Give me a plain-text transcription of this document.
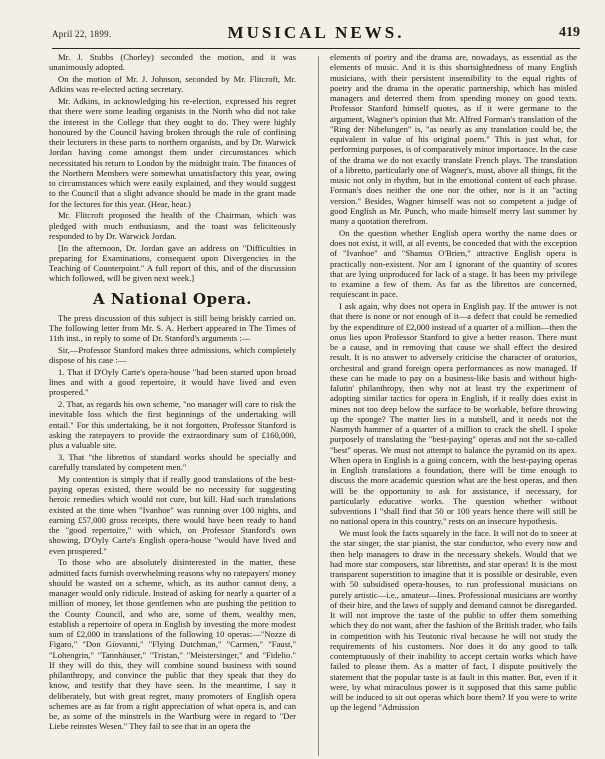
April 22, 1899.	MUSICAL NEWS.	419

Mr. J. Stubbs (Chorley) seconded the motion, and it was unanimously adopted.

On the motion of Mr. J. Johnson, seconded by Mr. Flitcroft, Mr. Adkins was re-elected acting secretary.

Mr. Adkins, in acknowledging his re-election, expressed his regret that there were some leading organists in the North who did not take the interest in the College that they ought to do. They were highly honoured by the Council having broken through the rule of confining their lecturers in these parts to northern organists, and by Dr. Warwick Jordan having come amongst them under circumstances which necessitated his return to London by the midnight train. The finances of the Northern Members were somewhat unsatisfactory this year, owing to circumstances which were easily explained, and they would suggest to the Council that a slight advance should be made in the grant made for the lectures for this year. (Hear, hear.)

Mr. Flitcroft proposed the health of the Chairman, which was pledged with much enthusiasm, and the toast was feliciteously responded to by Dr. Warwick Jordan.

[In the afternoon, Dr. Jordan gave an address on "Difficulties in preparing for Examinations, consequent upon Divergencies in the Teaching of Counterpoint." A full report of this, and of the discussion which followed, will be given next week.]

A National Opera.

The press discussion of this subject is still being briskly carried on. The following letter from Mr. S. A. Herbert appeared in The Times of 11th inst., in reply to some of Dr. Stanford's arguments :—

Sir,—Professor Stanford makes three admissions, which completely dispose of his case :—

1. That if D'Oyly Carte's opera-house "had been started upon broad lines and with a good repertoire, it would have lived and even prospered."

2. That, as regards his own scheme, "no manager will care to risk the inevitable loss which the first beginnings of the undertaking will entail." For this undertaking, be it not forgotten, Professor Stanford is asking the ratepayers to provide the extraordinary sum of £160,000, plus a valuable site.

3. That "the librettos of standard works should be specially and carefully translated by competent men."

My contention is simply that if really good translations of the best-paying operas existed, there would be no necessity for suggesting heroic remedies which would not cure, but kill. Had such translations existed at the time when "Ivanhoe" was running over 100 nights, and earning £57,000 gross receipts, there would have been ready to hand the "good repertoire," with which, on Professor Stanford's own showing, D'Oyly Carte's English opera-house "would have lived and even prospered."

To those who are absolutely disinterested in the matter, these admitted facts furnish overwhelming reasons why no ratepayers' money should be wasted on a scheme, which, as its author cannot deny, a manager would only ridicule. Instead of asking for nearly a quarter of a million of money, let those gentlemen who are pushing the petition to the County Council, and who are, some of them, wealthy men, establish a repertoire of opera in English by investing the more modest sum of £2,000 in translations of the following 10 operas:—"Nozze di Figaro," "Don Giovanni," "Flying Dutchman," "Carmen," "Faust," "Lohengrin," "Tannhäuser," "Tristan," "Meistersinger," and "Fidelio." If they will do this, they will combine sound business with sound philanthropy, and convince the public that they speak that they do know, and testify that they have seen. In the meantime, I say it deliberately, but with great regret, many promoters of English opera schemes are as far from a right appreciation of what opera is, and can be, as some of the minstrels in the Wartburg were in regard to "Der Liebe reinstes Wesen." They fail to see that in an opera the

elements of poetry and the drama are, nowadays, as essential as the elements of music. And it is this shortsightedness of many English musicians, with their persistent insensibility to the equal rights of poetry and the drama in the operatic partnership, which has misled managers and deterred them from spending money on good texts. Professor Stanford himself quotes, as if it were germane to the argument, Wagner's opinion that Mr. Alfred Forman's translation of the "Ring der Nibelungen" is, "as nearly as any translation could be, the equivalent in value of his original poem." This is just what, for performing purposes, is of comparatively minor importance. In the case of the drama we do not exactly translate French plays. The translation of a libretto, particularly one of Wagner's, must, above all things, fit the music not only in rhythm, but in the emotional content of each phrase. Forman's does neither the one nor the other, nor is it an "acting version." Besides, Wagner himself was not so competent a judge of good English as Mr. Punch, who made himself merry last summer by many a quotation therefrom.

On the question whether English opera worthy the name does or does not exist, it will, at all events, be conceded that with the exception of "Ivanhoe" and "Shamus O'Brien," attractive English opera is practically non-existent. Nor am I ignorant of the quantity of scores that are lying unproduced for lack of a stage. It has been my privilege to examine a few of them. As far as the librettos are concerned, requiescant in pace.

I ask again, why does not opera in English pay. If the answer is not that there is none or not enough of it—a defect that could be remedied by the expenditure of £2,000 instead of a quarter of a million—then the onus lies upon Professor Stanford to give a better reason. There must be a cause, and in removing that cause we shall effect the desired result. It is no answer to adversely criticise the character of oratorios, orchestral and grand foreign opera performances as now managed. If these can be made to pay on a business-like basis and without high-falutin' philanthropy, then why not at least try the experiment of adopting similar tactics for opera in English, if it really does exist in mines not too deep below the surface to be workable, before throwing up the sponge? The matter lies in a nutshell, and it needs not the Nasmyth hammer of a quarter of a million to crack the shell. I spoke purposely of translating the "best-paying" operas and not the so-called "best" operas. We must not attempt to balance the pyramid on its apex. When opera in English is a going concern, with the best-paying operas in English translations a foundation, there will be time enough to discuss the more academic question what are the best operas, and then will be the opportunity to ask for assistance, if necessary, for particularly educative works. The question whether without subventions I "shall find that 50 or 100 years hence there will still be no national opera in this country," rests on an insecure hypothesis.

We must look the facts squarely in the face. It will not do to sneer at the star singer, the star pianist, the star conductor, who every now and then help managers to draw in the necessary shekels. Would that we had more star composers, star librettists, and star operas! It is the most transparent superstition to imagine that it is possible or desirable, even with 50 subsidised opera-houses, to run professional musicians on purely artistic—i.e., amateur—lines. Professional musicians are worthy of their hire, and the laws of supply and demand cannot be disregarded. It will not improve the taste of the public to offer them something which they do not want, after the fashion of the British trader, who fails in competition with his Teutonic rival because he will not study the requirements of his customers. Nor does it do any good to talk contemptuously of their inability to accept certain works which have failed to please them. As a matter of fact, I dispute positively the statement that the popular taste is at fault in this matter. But, even if it were, by what miraculous power is it supposed that this same public will be induced to sit out operas which bore them? If you were to write up the legend "Admission
